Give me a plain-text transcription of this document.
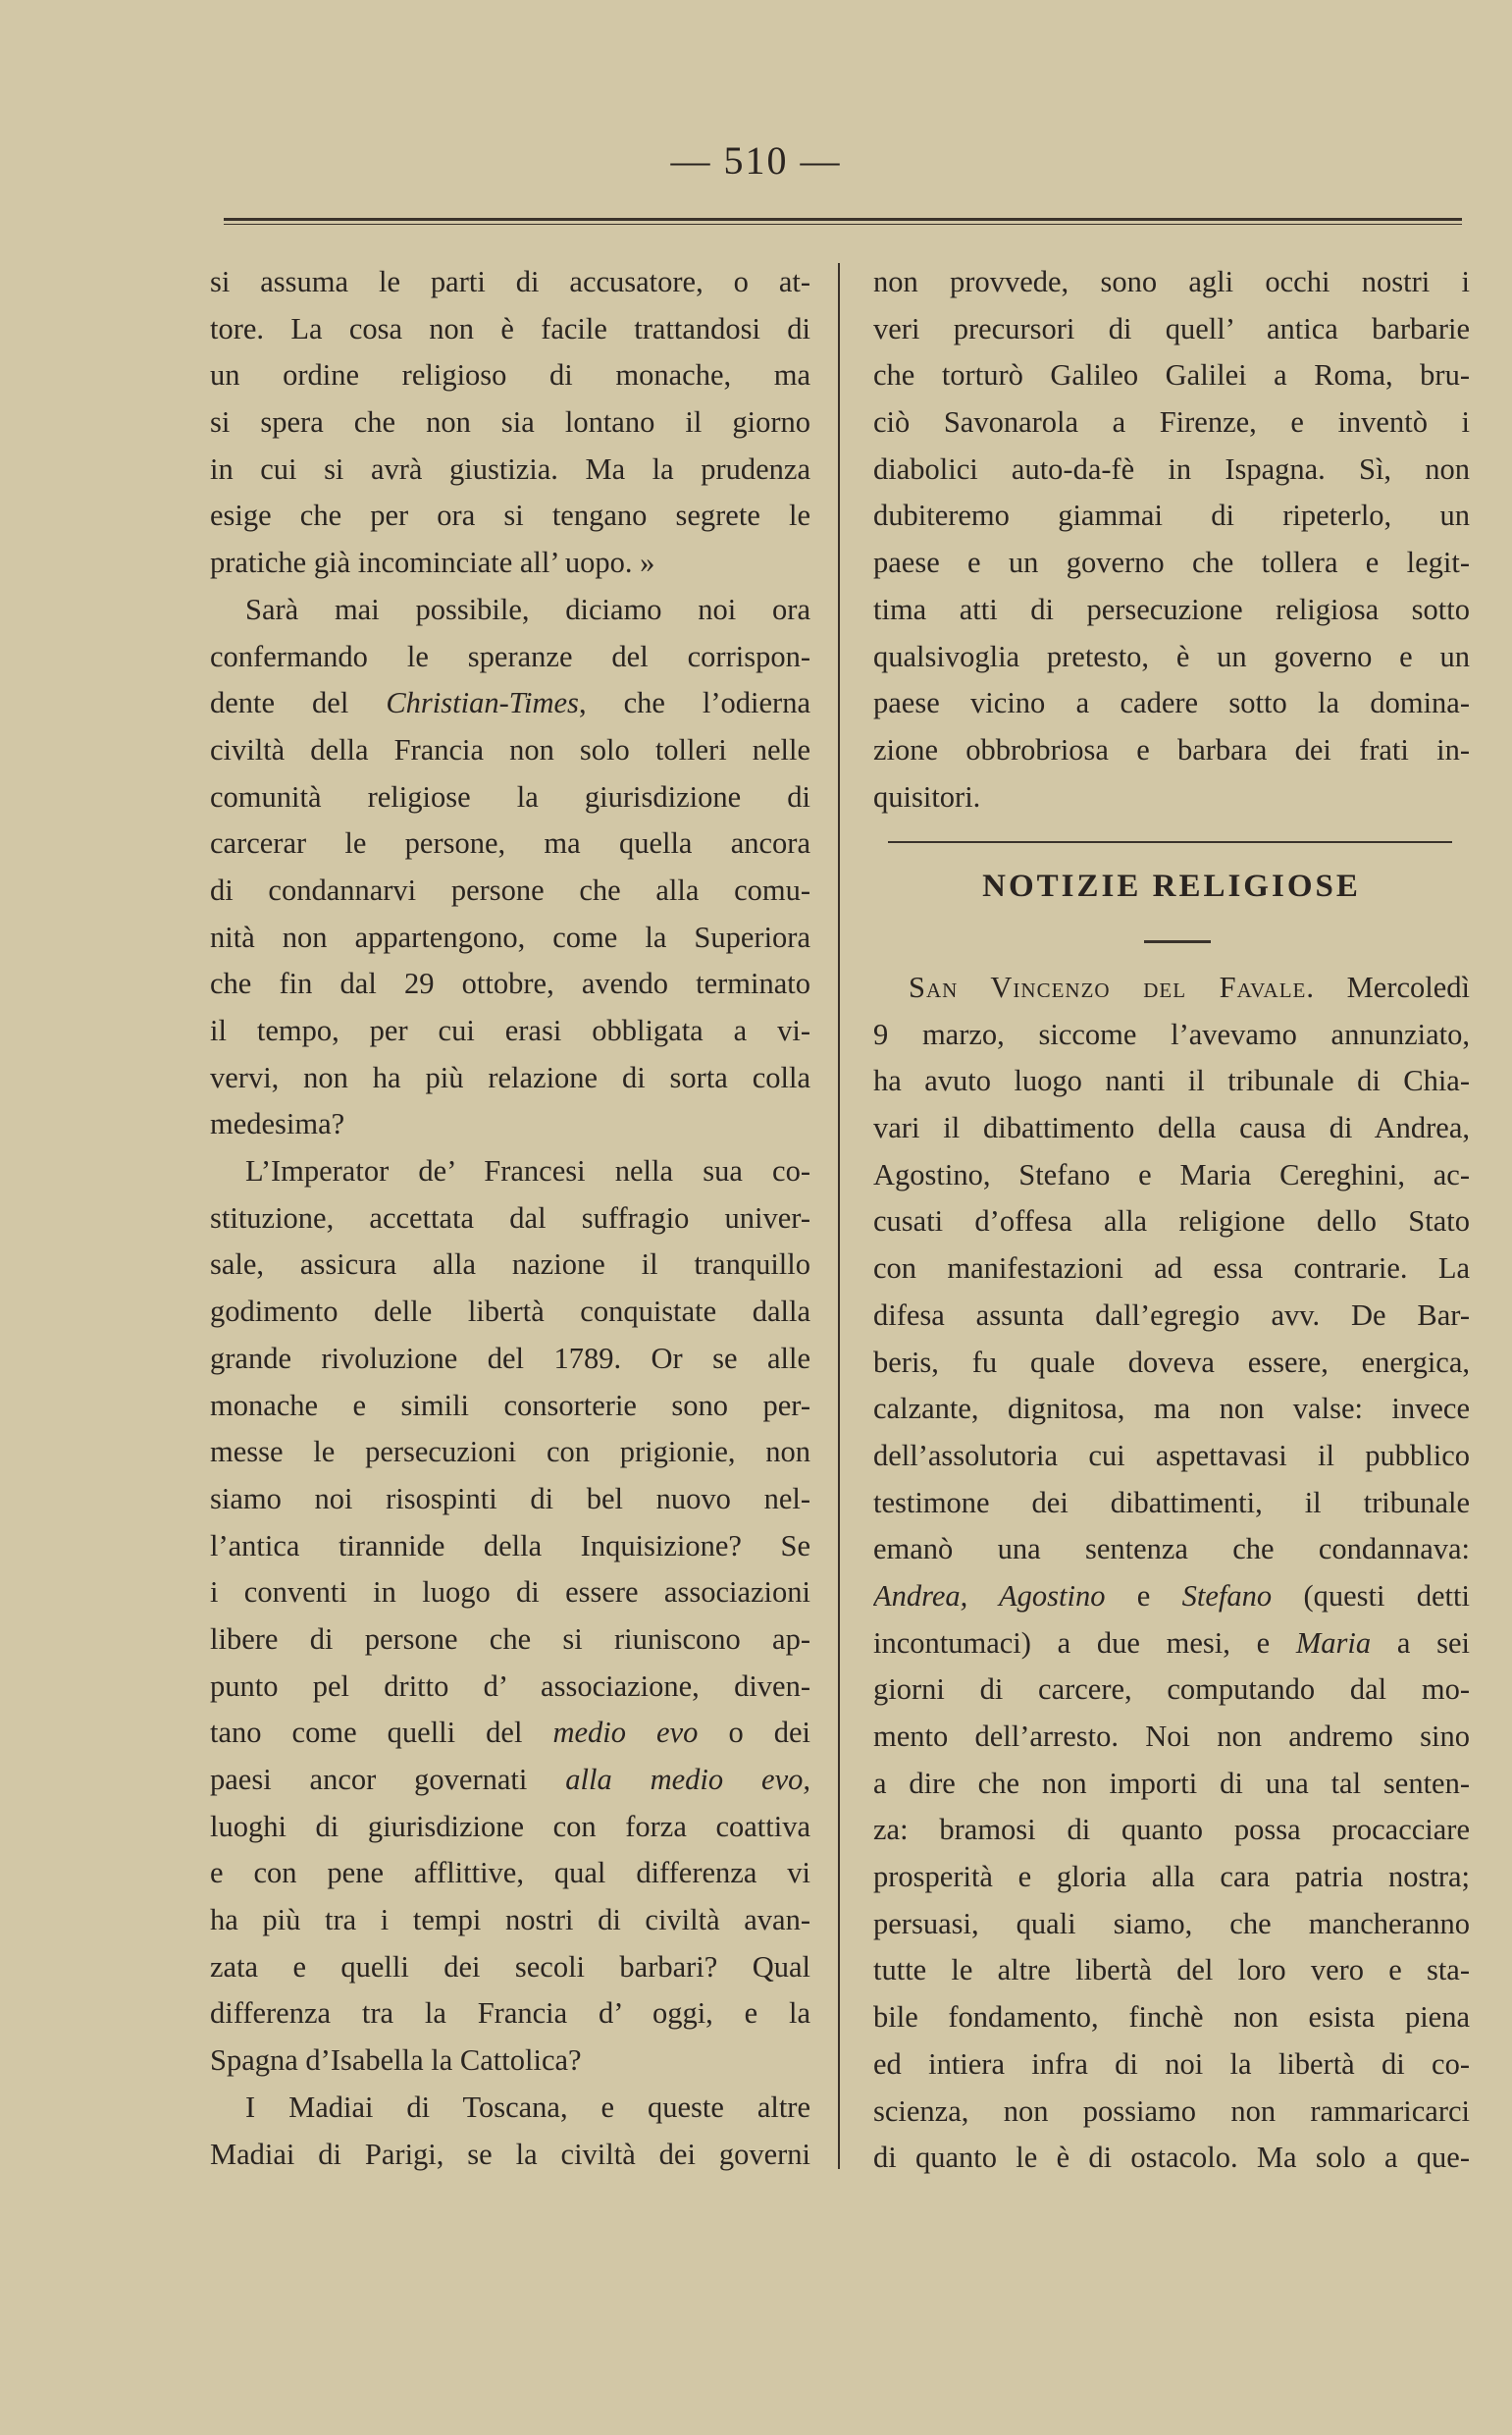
— 510 —
si assuma le parti di accusatore, o at-
tore. La cosa non è facile trattandosi di
un ordine religioso di monache, ma
si spera che non sia lontano il giorno
in cui si avrà giustizia. Ma la prudenza
esige che per ora si tengano segrete le
pratiche già incominciate all’ uopo. »
Sarà mai possibile, diciamo noi ora
confermando le speranze del corrispon-
dente del Christian-Times, che l’odierna
civiltà della Francia non solo tolleri nelle
comunità religiose la giurisdizione di
carcerar le persone, ma quella ancora
di condannarvi persone che alla comu-
nità non appartengono, come la Superiora
che fin dal 29 ottobre, avendo terminato
il tempo, per cui erasi obbligata a vi-
vervi, non ha più relazione di sorta colla
medesima?
L’Imperator de’ Francesi nella sua co-
stituzione, accettata dal suffragio univer-
sale, assicura alla nazione il tranquillo
godimento delle libertà conquistate dalla
grande rivoluzione del 1789. Or se alle
monache e simili consorterie sono per-
messe le persecuzioni con prigionie, non
siamo noi risospinti di bel nuovo nel-
l’antica tirannide della Inquisizione? Se
i conventi in luogo di essere associazioni
libere di persone che si riuniscono ap-
punto pel dritto d’ associazione, diven-
tano come quelli del medio evo o dei
paesi ancor governati alla medio evo,
luoghi di giurisdizione con forza coattiva
e con pene afflittive, qual differenza vi
ha più tra i tempi nostri di civiltà avan-
zata e quelli dei secoli barbari? Qual
differenza tra la Francia d’ oggi, e la
Spagna d’Isabella la Cattolica?
I Madiai di Toscana, e queste altre
Madiai di Parigi, se la civiltà dei governi
non provvede, sono agli occhi nostri i
veri precursori di quell’ antica barbarie
che torturò Galileo Galilei a Roma, bru-
ciò Savonarola a Firenze, e inventò i
diabolici auto-da-fè in Ispagna. Sì, non
dubiteremo giammai di ripeterlo, un
paese e un governo che tollera e legit-
tima atti di persecuzione religiosa sotto
qualsivoglia pretesto, è un governo e un
paese vicino a cadere sotto la domina-
zione obbrobriosa e barbara dei frati in-
quisitori.
NOTIZIE RELIGIOSE
San Vincenzo del Favale. Mercoledì
9 marzo, siccome l’avevamo annunziato,
ha avuto luogo nanti il tribunale di Chia-
vari il dibattimento della causa di Andrea,
Agostino, Stefano e Maria Cereghini, ac-
cusati d’offesa alla religione dello Stato
con manifestazioni ad essa contrarie. La
difesa assunta dall’egregio avv. De Bar-
beris, fu quale doveva essere, energica,
calzante, dignitosa, ma non valse: invece
dell’assolutoria cui aspettavasi il pubblico
testimone dei dibattimenti, il tribunale
emanò una sentenza che condannava:
Andrea, Agostino e Stefano (questi detti
incontumaci) a due mesi, e Maria a sei
giorni di carcere, computando dal mo-
mento dell’arresto. Noi non andremo sino
a dire che non importi di una tal senten-
za: bramosi di quanto possa procacciare
prosperità e gloria alla cara patria nostra;
persuasi, quali siamo, che mancheranno
tutte le altre libertà del loro vero e sta-
bile fondamento, finchè non esista piena
ed intiera infra di noi la libertà di co-
scienza, non possiamo non rammaricarci
di quanto le è di ostacolo. Ma solo a que-
